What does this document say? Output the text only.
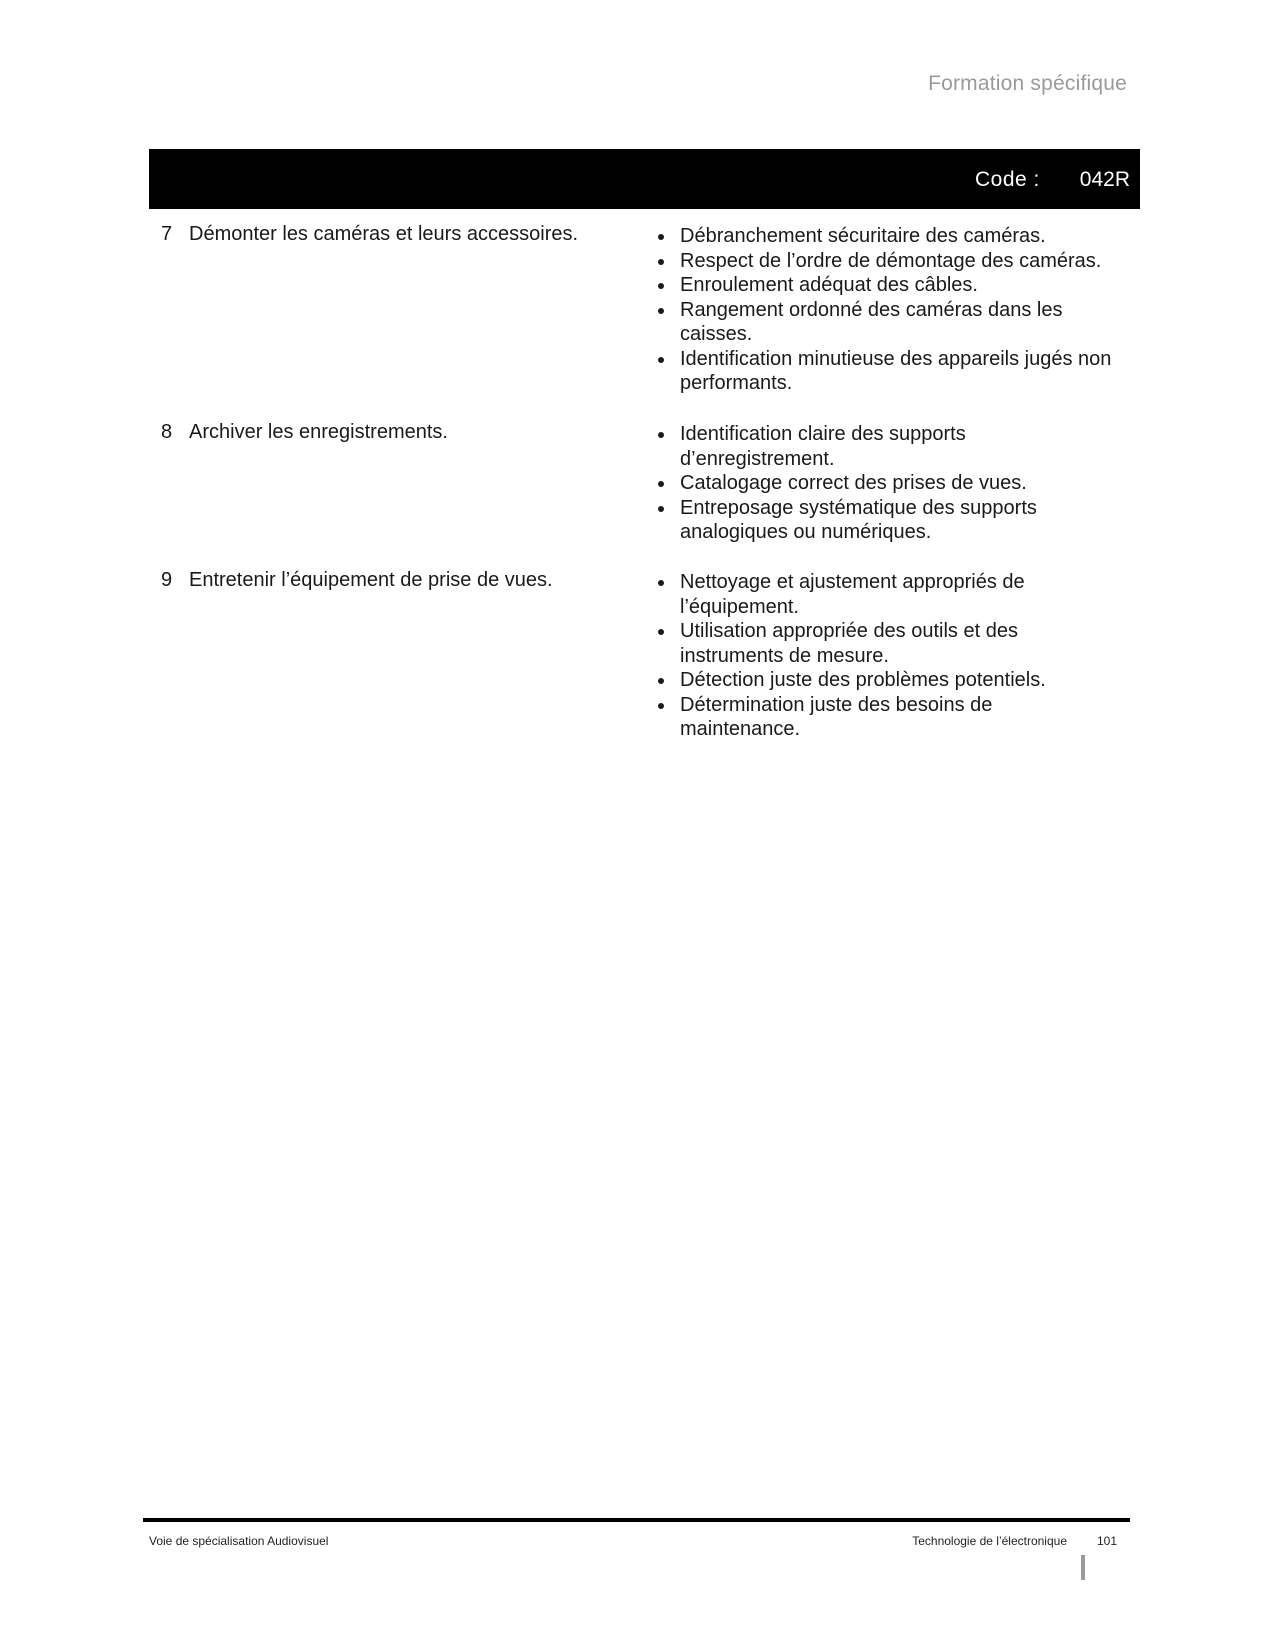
Formation spécifique
Code : 042R
7 Démonter les caméras et leurs accessoires.	Débranchement sécuritaire des caméras.
Respect de l’ordre de démontage des caméras.
Enroulement adéquat des câbles.
Rangement ordonné des caméras dans les caisses.
Identification minutieuse des appareils jugés non performants.
8 Archiver les enregistrements.	Identification claire des supports d’enregistrement.
Catalogage correct des prises de vues.
Entreposage systématique des supports analogiques ou numériques.
9 Entretenir l’équipement de prise de vues.	Nettoyage et ajustement appropriés de l’équipement.
Utilisation appropriée des outils et des instruments de mesure.
Détection juste des problèmes potentiels.
Détermination juste des besoins de maintenance.
Voie de spécialisation Audiovisuel	Technologie de l’électronique	101
